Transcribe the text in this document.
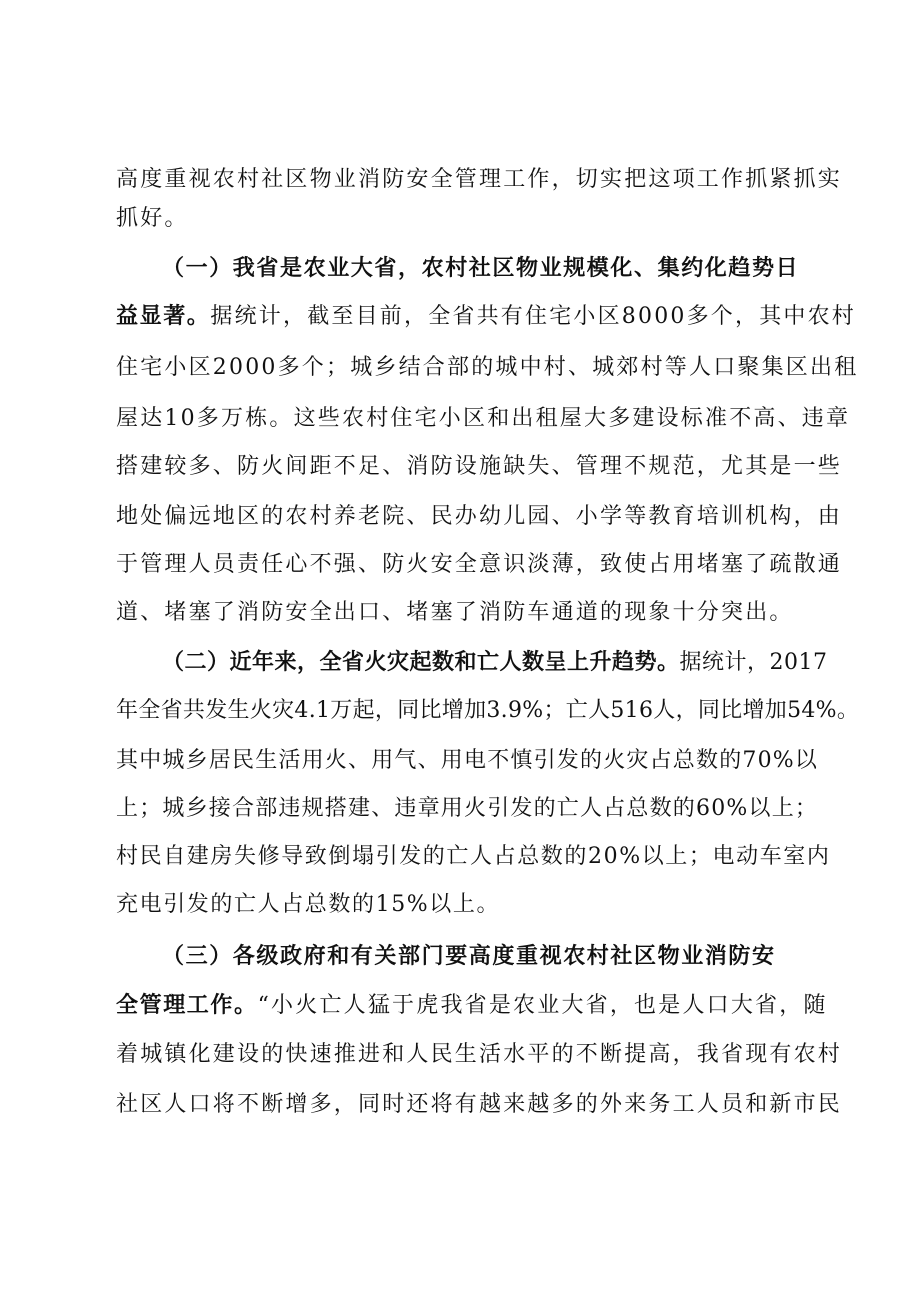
高度重视农村社区物业消防安全管理工作，切实把这项工作抓紧抓实
抓好。
（一）我省是农业大省，农村社区物业规模化、集约化趋势日
益显著。据统计，截至目前，全省共有住宅小区8000多个，其中农村
住宅小区2000多个；城乡结合部的城中村、城郊村等人口聚集区出租
屋达10多万栋。这些农村住宅小区和出租屋大多建设标准不高、违章
搭建较多、防火间距不足、消防设施缺失、管理不规范，尤其是一些
地处偏远地区的农村养老院、民办幼儿园、小学等教育培训机构，由
于管理人员责任心不强、防火安全意识淡薄，致使占用堵塞了疏散通
道、堵塞了消防安全出口、堵塞了消防车通道的现象十分突出。
（二）近年来，全省火灾起数和亡人数呈上升趋势。据统计，2017
年全省共发生火灾4.1万起，同比增加3.9%；亡人516人，同比增加54%。
其中城乡居民生活用火、用气、用电不慎引发的火灾占总数的70%以
上；城乡接合部违规搭建、违章用火引发的亡人占总数的60%以上；
村民自建房失修导致倒塌引发的亡人占总数的20%以上；电动车室内
充电引发的亡人占总数的15%以上。
（三）各级政府和有关部门要高度重视农村社区物业消防安
全管理工作。“小火亡人猛于虎我省是农业大省，也是人口大省，随
着城镇化建设的快速推进和人民生活水平的不断提高，我省现有农村
社区人口将不断增多，同时还将有越来越多的外来务工人员和新市民
